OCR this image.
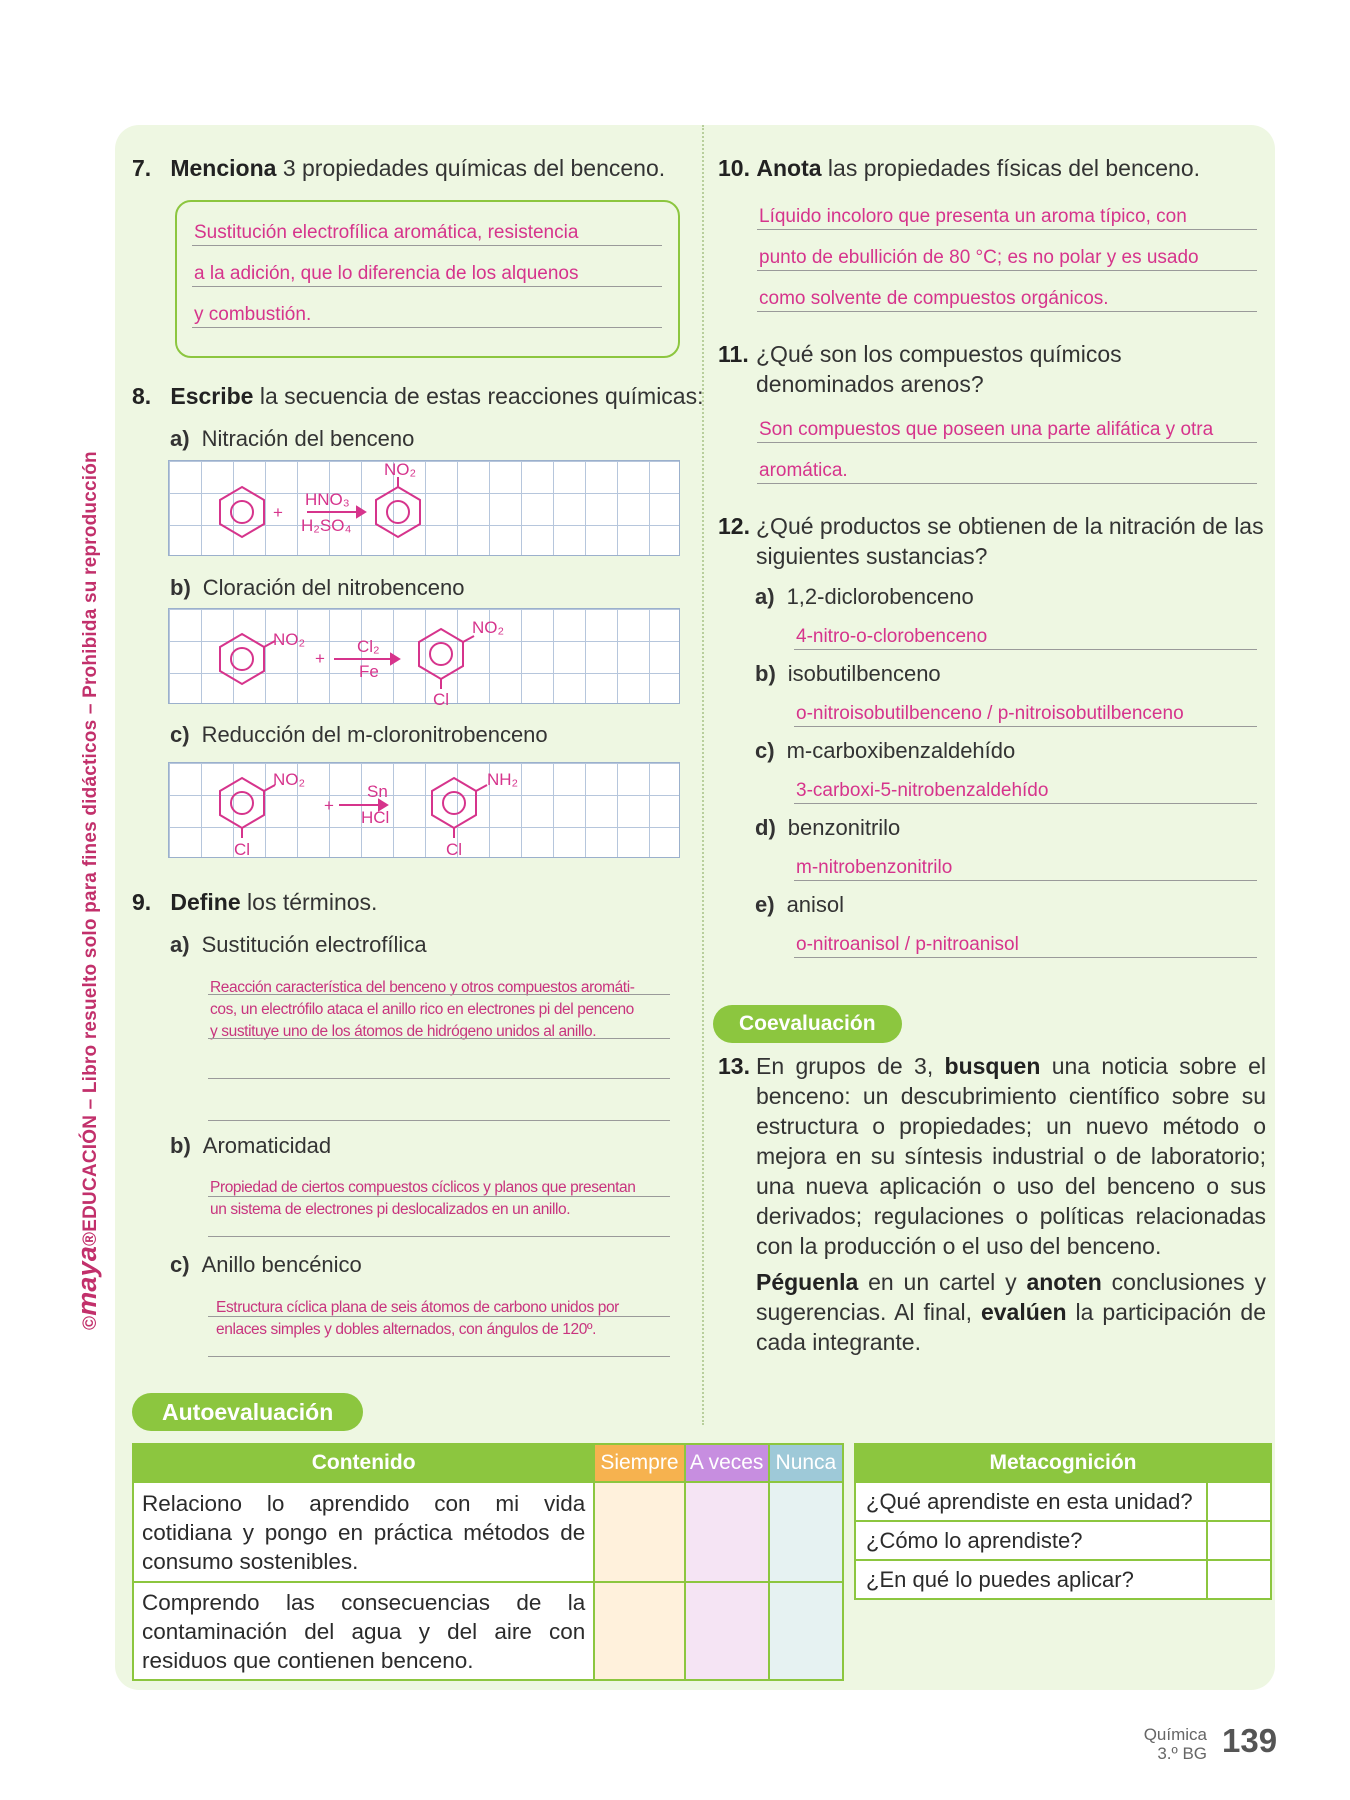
©maya®EDUCACIÓN – Libro resuelto solo para fines didácticos – Prohibida su reproducción
7. Menciona 3 propiedades químicas del benceno.
Sustitución electrofílica aromática, resistencia
a la adición, que lo diferencia de los alquenos
y combustión.
8. Escribe la secuencia de estas reacciones químicas:
a) Nitración del benceno
+
HNO₃
H₂SO₄
NO₂
b) Cloración del nitrobenceno
NO₂
+
Cl₂
Fe
NO₂
Cl
c) Reducción del m-cloronitrobenceno
NO₂
+
Sn
HCl
NH₂
Cl	Cl
9. Define los términos.
a) Sustitución electrofílica
Reacción característica del benceno y otros compuestos aromáti-
cos, un electrófilo ataca el anillo rico en electrones pi del penceno
y sustituye uno de los átomos de hidrógeno unidos al anillo.
b) Aromaticidad
Propiedad de ciertos compuestos cíclicos y planos que presentan
un sistema de electrones pi deslocalizados en un anillo.
c) Anillo bencénico
Estructura cíclica plana de seis átomos de carbono unidos por
enlaces simples y dobles alternados, con ángulos de 120º.
10. Anota las propiedades físicas del benceno.
Líquido incoloro que presenta un aroma típico, con
punto de ebullición de 80 °C; es no polar y es usado
como solvente de compuestos orgánicos.
11. ¿Qué son los compuestos químicos denominados arenos?
Son compuestos que poseen una parte alifática y otra
aromática.
12. ¿Qué productos se obtienen de la nitración de las siguientes sustancias?
a) 1,2-diclorobenceno
4-nitro-o-clorobenceno
b) isobutilbenceno
o-nitroisobutilbenceno / p-nitroisobutilbenceno
c) m-carboxibenzaldehído
3-carboxi-5-nitrobenzaldehído
d) benzonitrilo
m-nitrobenzonitrilo
e) anisol
o-nitroanisol / p-nitroanisol
Coevaluación
13. En grupos de 3, busquen una noticia sobre el benceno: un descubrimiento científico sobre su estructura o propiedades; un nuevo método o mejora en su síntesis industrial o de laboratorio; una nueva aplicación o uso del benceno o sus derivados; regulaciones o políticas relacionadas con la producción o el uso del benceno.
Péguenla en un cartel y anoten conclusiones y sugerencias. Al final, evalúen la participación de cada integrante.
Autoevaluación
Contenido	Siempre	A veces	Nunca
Relaciono lo aprendido con mi vida cotidiana y pongo en práctica métodos de consumo sostenibles.			
Comprendo las consecuencias de la contaminación del agua y del aire con residuos que contienen benceno.			
Metacognición	
¿Qué aprendiste en esta unidad?	
¿Cómo lo aprendiste?	
¿En qué lo puedes aplicar?	
Química
3.º BG 139
